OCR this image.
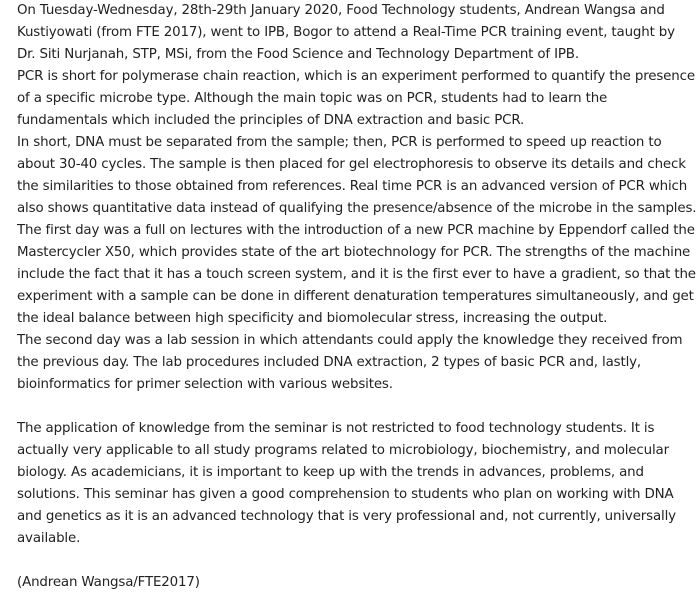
On Tuesday-Wednesday, 28th-29th January 2020, Food Technology students, Andrean Wangsa and Kustiyowati (from FTE 2017), went to IPB, Bogor to attend a Real-Time PCR training event, taught by Dr. Siti Nurjanah, STP, MSi, from the Food Science and Technology Department of IPB.

PCR is short for polymerase chain reaction, which is an experiment performed to quantify the presence of a specific microbe type. Although the main topic was on PCR, students had to learn the fundamentals which included the principles of DNA extraction and basic PCR.

In short, DNA must be separated from the sample; then, PCR is performed to speed up reaction to about 30-40 cycles. The sample is then placed for gel electrophoresis to observe its details and check the similarities to those obtained from references. Real time PCR is an advanced version of PCR which also shows quantitative data instead of qualifying the presence/absence of the microbe in the samples.

The first day was a full on lectures with the introduction of a new PCR machine by Eppendorf called the Mastercycler X50, which provides state of the art biotechnology for PCR. The strengths of the machine include the fact that it has a touch screen system, and it is the first ever to have a gradient, so that the experiment with a sample can be done in different denaturation temperatures simultaneously, and get the ideal balance between high specificity and biomolecular stress, increasing the output.

The second day was a lab session in which attendants could apply the knowledge they received from the previous day. The lab procedures included DNA extraction, 2 types of basic PCR and, lastly, bioinformatics for primer selection with various websites.

The application of knowledge from the seminar is not restricted to food technology students. It is actually very applicable to all study programs related to microbiology, biochemistry, and molecular biology. As academicians, it is important to keep up with the trends in advances, problems, and solutions. This seminar has given a good comprehension to students who plan on working with DNA and genetics as it is an advanced technology that is very professional and, not currently, universally available.

(Andrean Wangsa/FTE2017)
